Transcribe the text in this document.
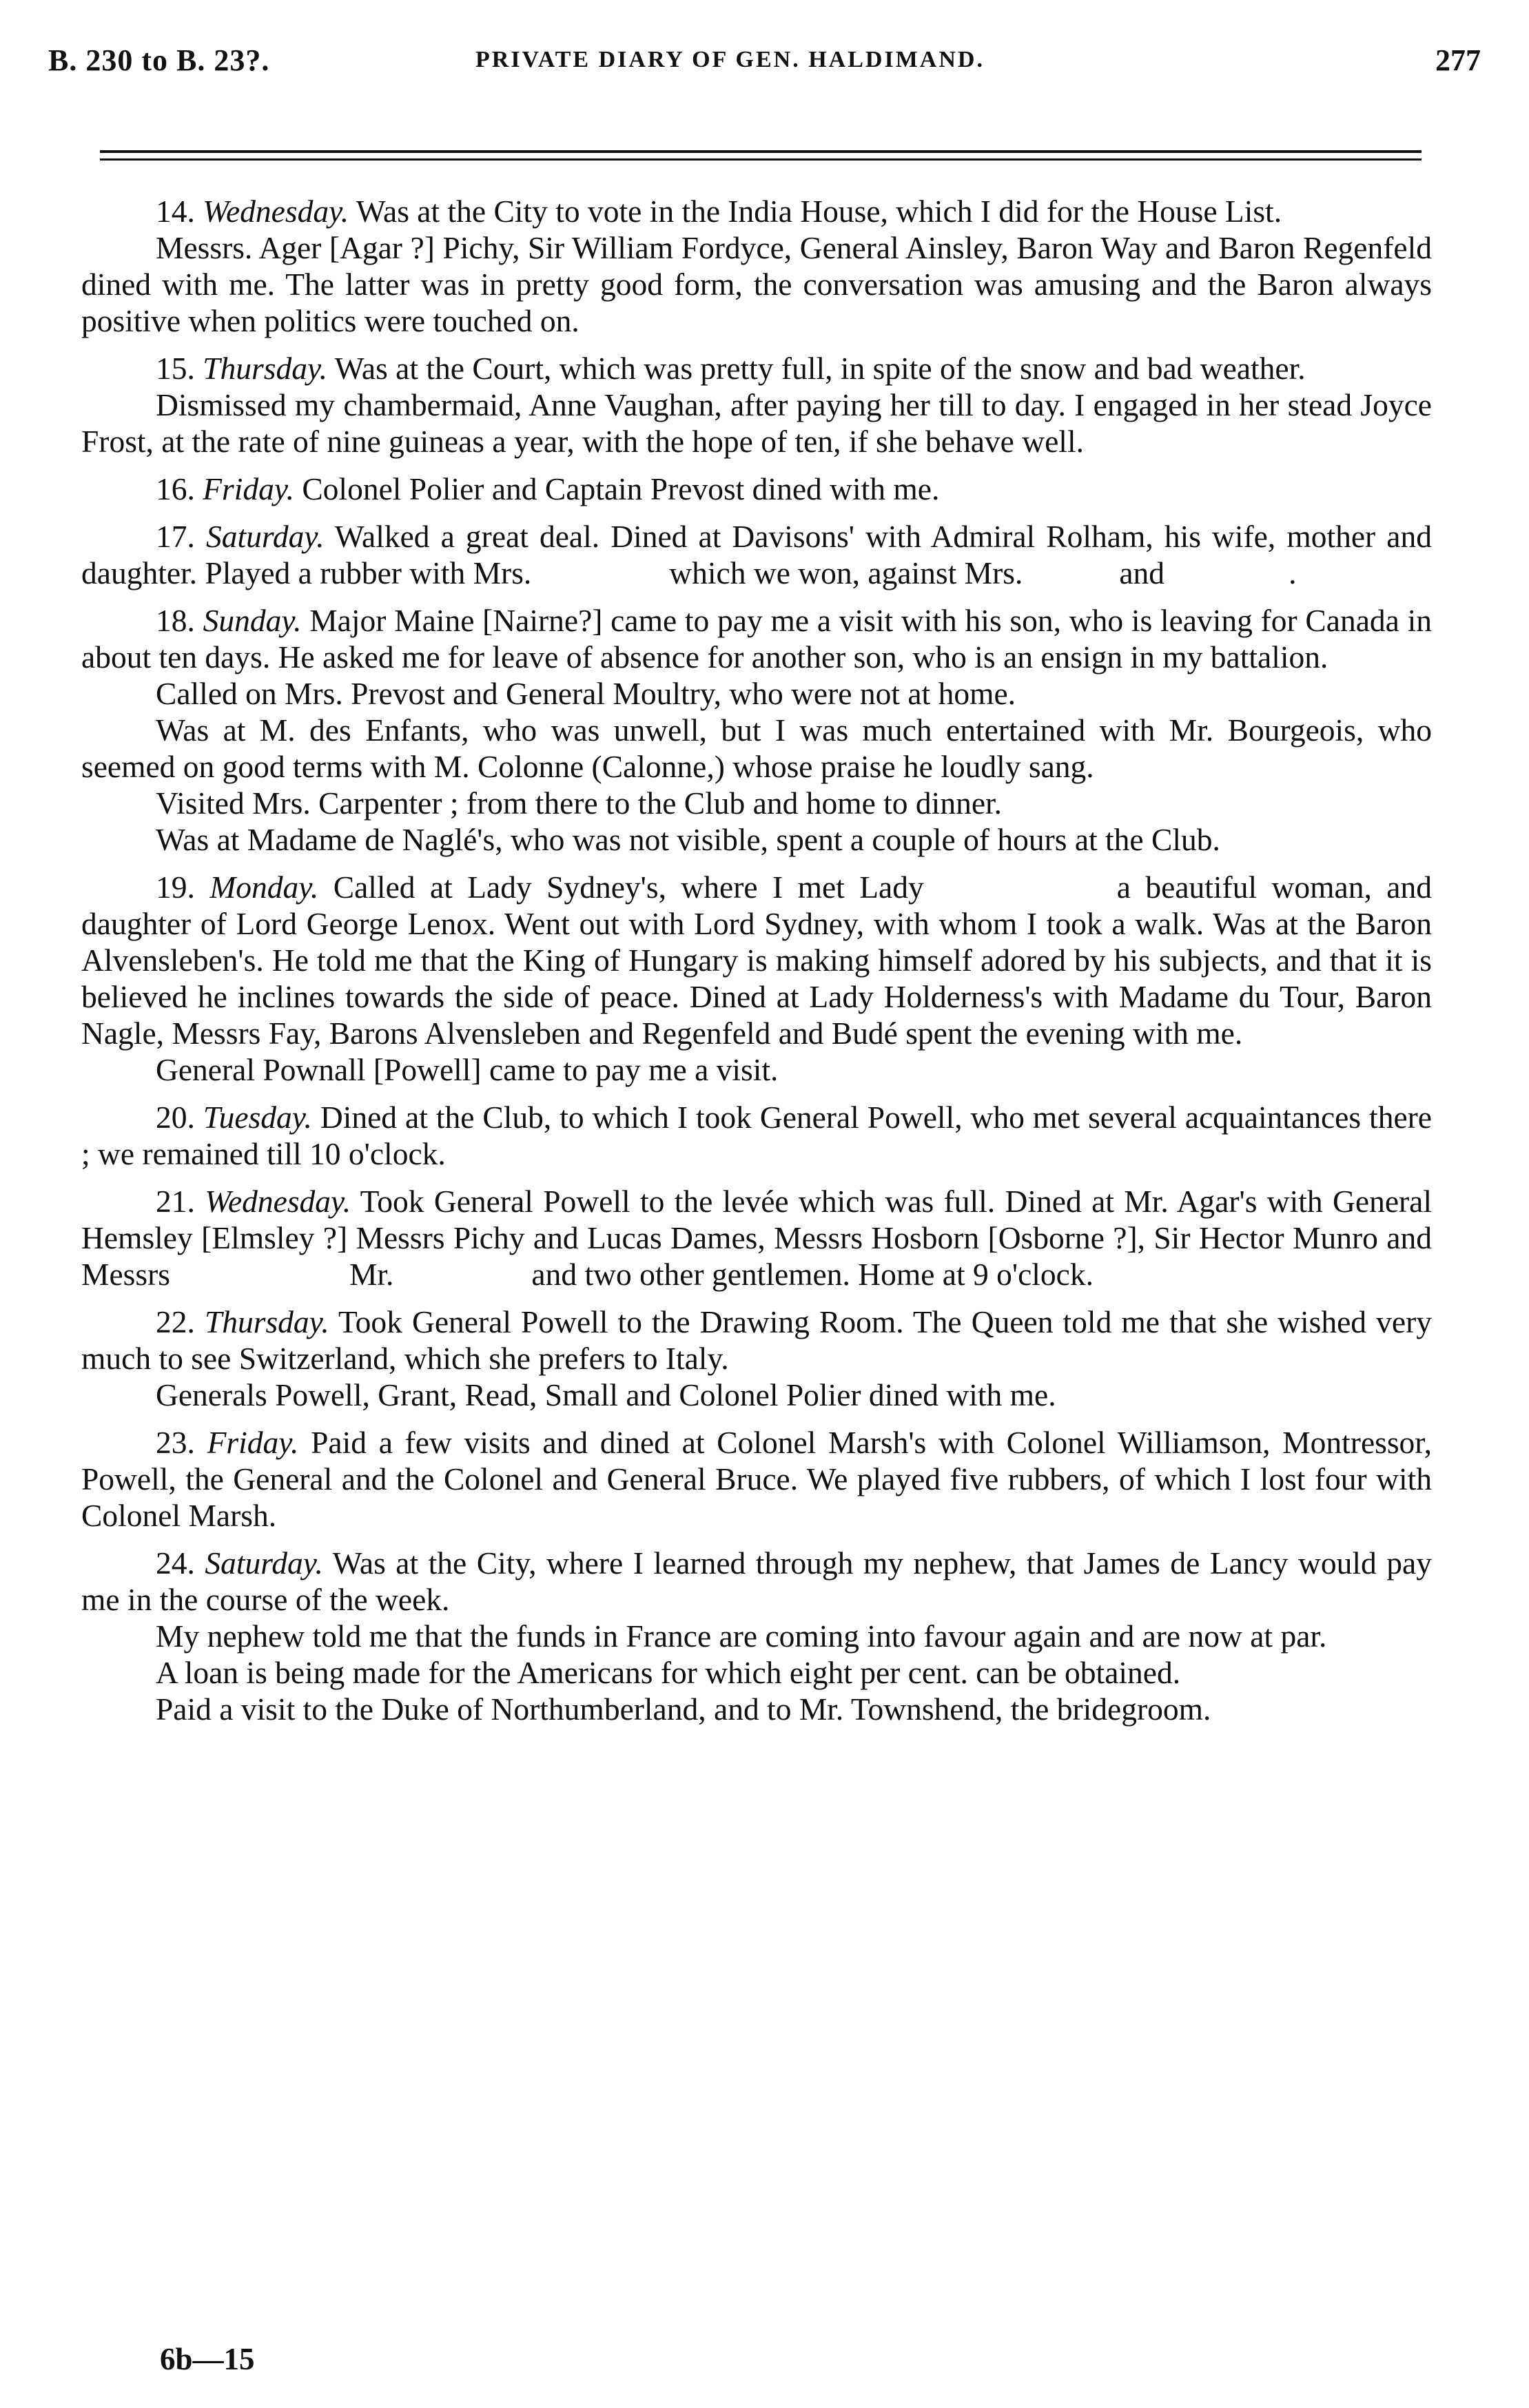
B. 230 to B. 23?.	PRIVATE DIARY OF GEN. HALDIMAND.	277

14. Wednesday. Was at the City to vote in the India House, which I did for the House List.

Messrs. Ager [Agar ?] Pichy, Sir William Fordyce, General Ainsley, Baron Way and Baron Regenfeld dined with me. The latter was in pretty good form, the conversation was amusing and the Baron always positive when politics were touched on.

15. Thursday. Was at the Court, which was pretty full, in spite of the snow and bad weather.

Dismissed my chambermaid, Anne Vaughan, after paying her till to day. I engaged in her stead Joyce Frost, at the rate of nine guineas a year, with the hope of ten, if she behave well.

16. Friday. Colonel Polier and Captain Prevost dined with me.

17. Saturday. Walked a great deal. Dined at Davisons' with Admiral Rolham, his wife, mother and daughter. Played a rubber with Mrs.	which we won, against Mrs.	and	.

18. Sunday. Major Maine [Nairne?] came to pay me a visit with his son, who is leaving for Canada in about ten days. He asked me for leave of absence for another son, who is an ensign in my battalion.

Called on Mrs. Prevost and General Moultry, who were not at home.

Was at M. des Enfants, who was unwell, but I was much entertained with Mr. Bourgeois, who seemed on good terms with M. Colonne (Calonne,) whose praise he loudly sang.

Visited Mrs. Carpenter ; from there to the Club and home to dinner.

Was at Madame de Naglé's, who was not visible, spent a couple of hours at the Club.

19. Monday. Called at Lady Sydney's, where I met Lady	a beautiful woman, and daughter of Lord George Lenox. Went out with Lord Sydney, with whom I took a walk. Was at the Baron Alvensleben's. He told me that the King of Hungary is making himself adored by his subjects, and that it is believed he inclines towards the side of peace. Dined at Lady Holderness's with Madame du Tour, Baron Nagle, Messrs Fay, Barons Alvensleben and Regenfeld and Budé spent the evening with me.

General Pownall [Powell] came to pay me a visit.

20. Tuesday. Dined at the Club, to which I took General Powell, who met several acquaintances there ; we remained till 10 o'clock.

21. Wednesday. Took General Powell to the levée which was full. Dined at Mr. Agar's with General Hemsley [Elmsley ?] Messrs Pichy and Lucas Dames, Messrs Hosborn [Osborne ?], Sir Hector Munro and Messrs	Mr.	and two other gentlemen. Home at 9 o'clock.

22. Thursday. Took General Powell to the Drawing Room. The Queen told me that she wished very much to see Switzerland, which she prefers to Italy.

Generals Powell, Grant, Read, Small and Colonel Polier dined with me.

23. Friday. Paid a few visits and dined at Colonel Marsh's with Colonel Williamson, Montressor, Powell, the General and the Colonel and General Bruce. We played five rubbers, of which I lost four with Colonel Marsh.

24. Saturday. Was at the City, where I learned through my nephew, that James de Lancy would pay me in the course of the week.

My nephew told me that the funds in France are coming into favour again and are now at par.

A loan is being made for the Americans for which eight per cent. can be obtained.

Paid a visit to the Duke of Northumberland, and to Mr. Townshend, the bridegroom.

6b—15
